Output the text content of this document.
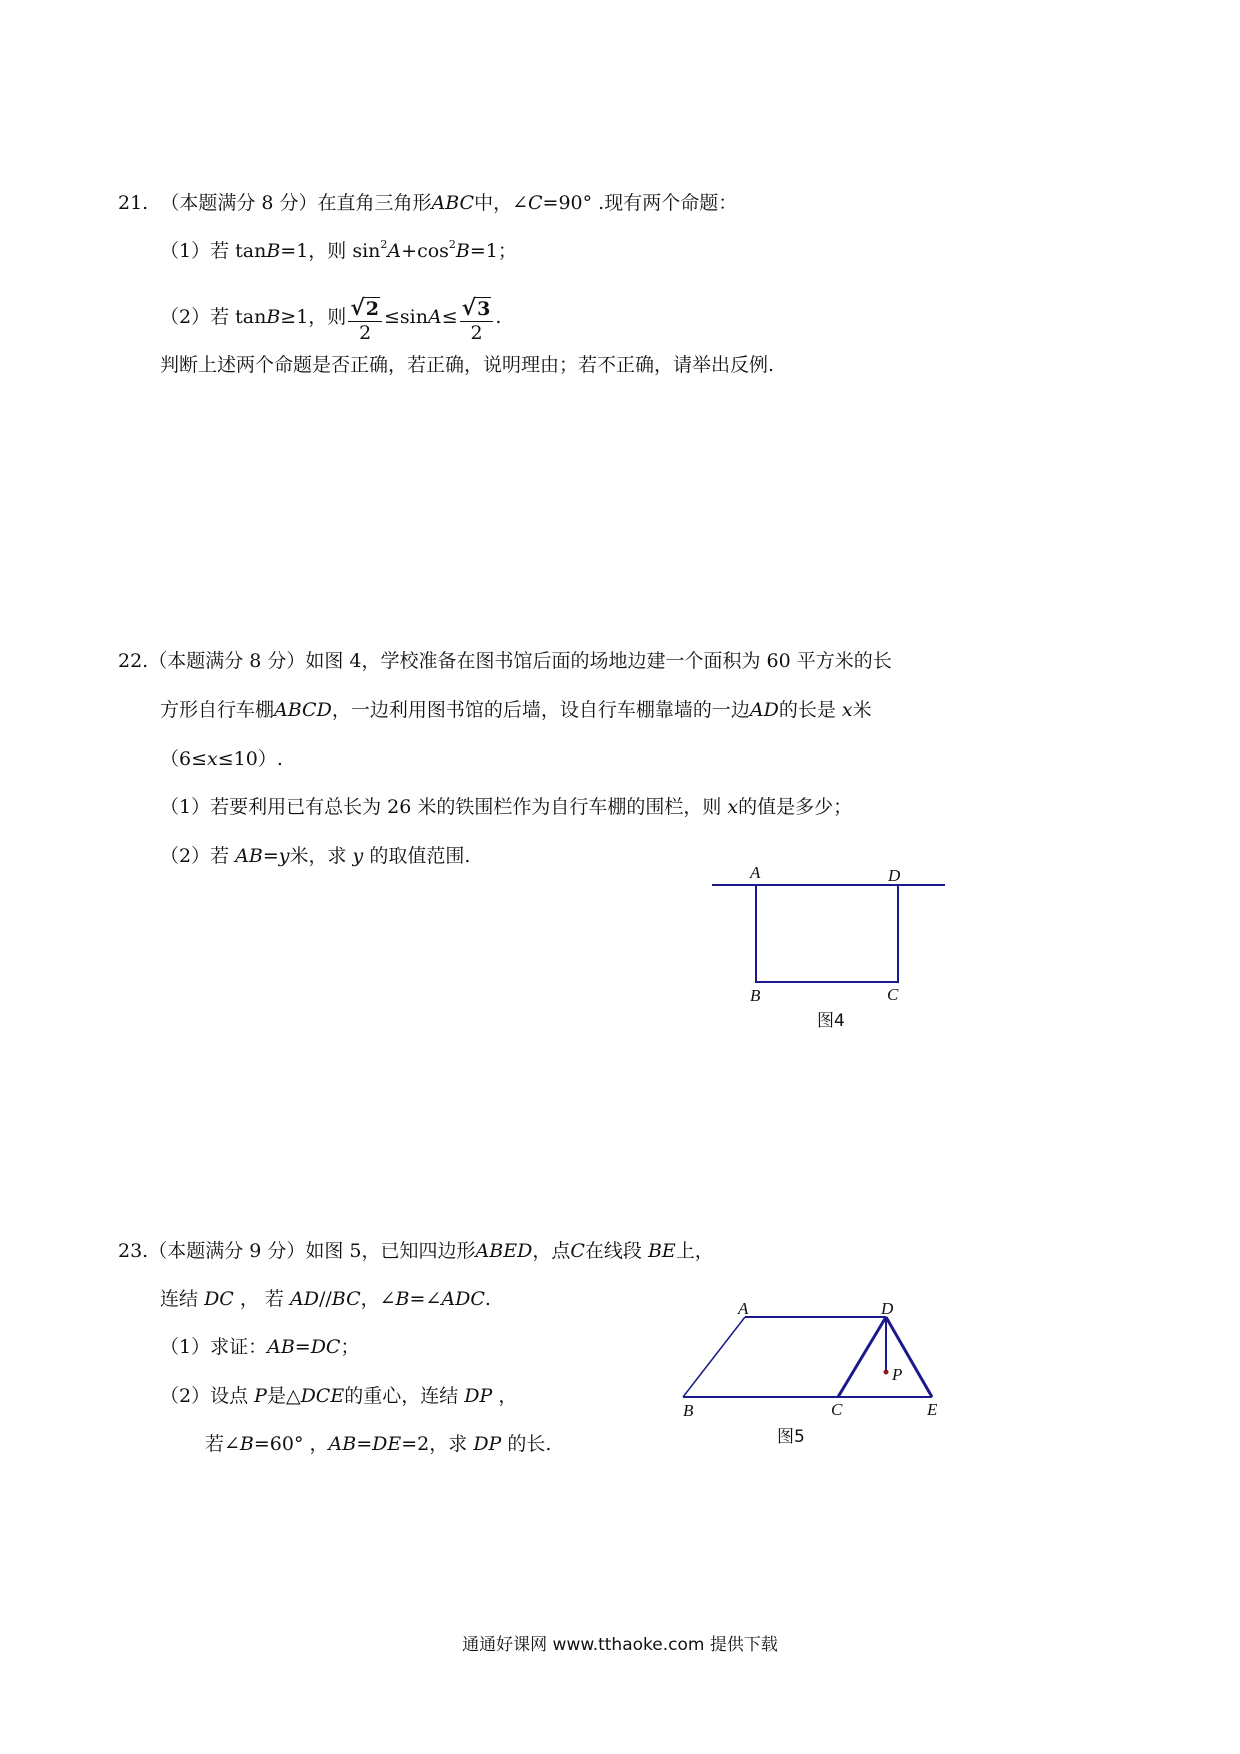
21. （本题满分 8 分）在直角三角形ABC中，∠C=90° .现有两个命题：
（1）若 tanB=1，则 $\sin^2A+\cos^2B=1$；
（2）若 tanB≥1，则 $\frac{√2}{2} \le\sin A\le \frac{√3}{2}$ .
判断上述两个命题是否正确，若正确，说明理由；若不正确，请举出反例.
22.（本题满分 8 分）如图 4，学校准备在图书馆后面的场地边建一个面积为 60 平方米的长
方形自行车棚ABCD，一边利用图书馆的后墙，设自行车棚靠墙的一边AD的长是 x米
（6≤x≤10）.
（1）若要利用已有总长为 26 米的铁围栏作为自行车棚的围栏，则 x的值是多少；
（2）若 AB=y米，求 y 的取值范围.
A	D
B	C
图4
23.（本题满分 9 分）如图 5，已知四边形ABED，点C在线段 BE上，
连结 DC ， 若 AD//BC，∠B=∠ADC.
（1）求证：AB=DC；
（2）设点 P是△DCE的重心，连结 DP ，
若∠B=60° ，AB=DE=2，求 DP 的长.
A	D
B	C	E
P
图5
通通好课网 www.tthaoke.com 提供下载
